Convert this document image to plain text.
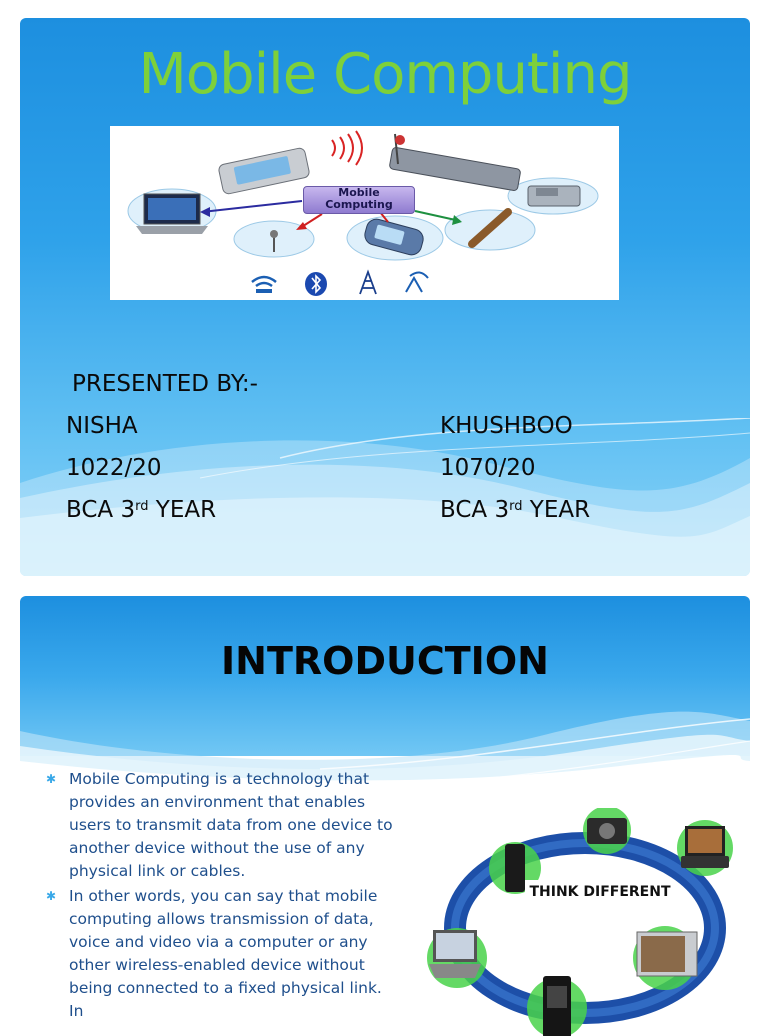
Mobile Computing
Mobile
Computing

PRESENTED BY:-

NISHA
1022/20
BCA 3rd YEAR
KHUSHBOO
1070/20
BCA 3rd YEAR
INTRODUCTION
✱ Mobile Computing is a technology that provides an environment that enables users to transmit data from one device to another device without the use of any physical link or cables.
✱ In other words, you can say that mobile computing allows transmission of data, voice and video via a computer or any other wireless-enabled device without being connected to a fixed physical link. In
THINK DIFFERENT
